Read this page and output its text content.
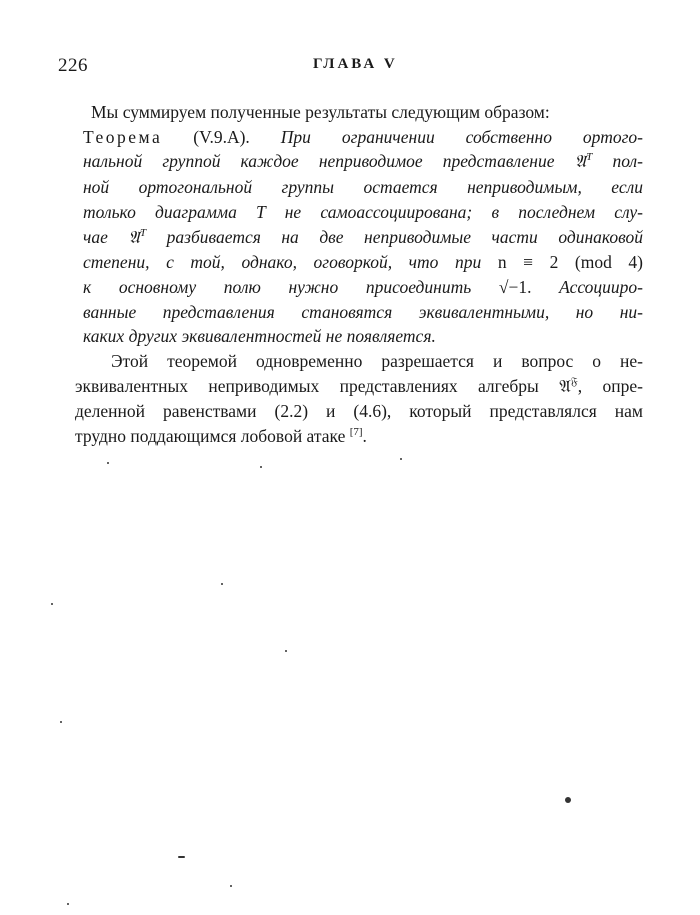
226	ГЛАВА V
Мы суммируем полученные результаты следующим образом:
Теорема (V.9.A). При ограничении собственно ортого-
нальной группой каждое неприводимое представление 𝔄$^T$ пол-
ной ортогональной группы остается неприводимым, если
только диаграмма T не самоассоциирована; в последнем слу-
чае 𝔄$^T$ разбивается на две неприводимые части одинаковой
степени, с той, однако, оговоркой, что при n ≡ 2 (mod 4)
к основному полю нужно присоединить √−1. Ассоцииро-
ванные представления становятся эквивалентными, но ни-
каких других эквивалентностей не появляется.
Этой теоремой одновременно разрешается и вопрос о не-
эквивалентных неприводимых представлениях алгебры 𝔄$^𝔉$, опре-
деленной равенствами (2.2) и (4.6), который представлялся нам
трудно поддающимся лобовой атаке [7].
